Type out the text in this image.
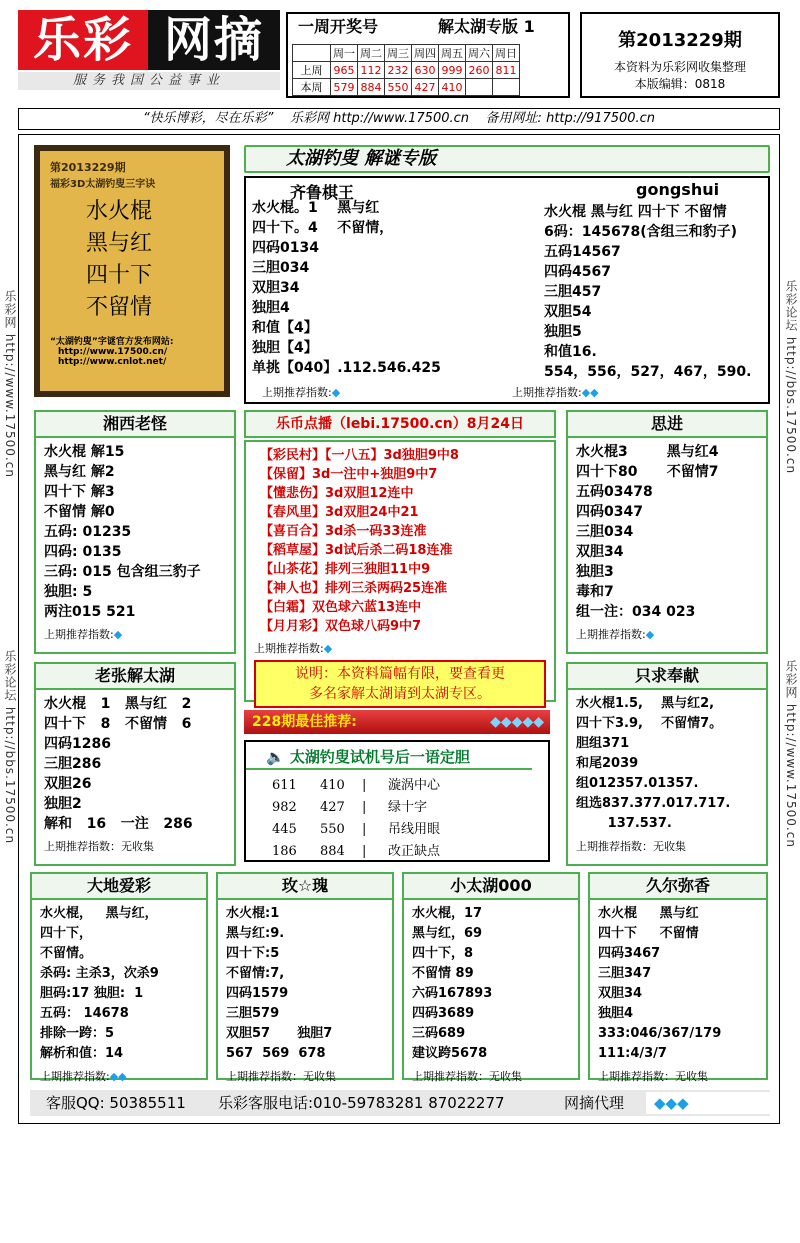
乐彩 网摘
服务我国公益事业
一周开奖号	解太湖专版 1
	周一	周二	周三	周四	周五	周六	周日
上周	965	112	232	630	999	260	811
本周	579	884	550	427	410		
第2013229期
本资料为乐彩网收集整理
本版编辑：0818
“快乐博彩，尽在乐彩” 乐彩网 http://www.17500.cn 备用网址: http://917500.cn
乐彩网 http://www.17500.cn
乐彩论坛 http://bbs.17500.cn
乐彩论坛 http://bbs.17500.cn
乐彩网 http://www.17500.cn
第2013229期
福彩3D太湖钓叟三字诀
水火棍
黑与红
四十下
不留情
“太湖钓叟”字谜官方发布网站:
http://www.17500.cn/
http://www.cnlot.net/
太湖钓叟 解谜专版
齐鲁棋王
水火棍。1    黑与红
四十下。4    不留情，
四码0134
三胆034
双胆34
独胆4
和值【4】
独胆【4】
单挑【040】.112.546.425
gongshui
水火棍 黑与红 四十下 不留情
6码：145678(含组三和豹子)
五码14567
四码4567
三胆457
双胆54
独胆5
和值16.
554，556，527，467，590.
上期推荐指数:◆	上期推荐指数:◆◆
湘西老怪
水火棍 解15
黑与红 解2
四十下 解3
不留情 解0
五码: 01235
四码: 0135
三码: 015 包含组三豹子
独胆: 5
两注015 521
上期推荐指数:◆
乐币点播（lebi.17500.cn）8月24日
【彩民村】【一八五】3d独胆9中8
【保留】3d一注中+独胆9中7
【懂悲伤】3d双胆12连中
【春风里】3d双胆24中21
【喜百合】3d杀一码33连准
【稻草屋】3d试后杀二码18连准
【山茶花】排列三独胆11中9
【神人也】排列三杀两码25连准
【白霜】双色球六蓝13连中
【月月彩】双色球八码9中7
上期推荐指数:◆
说明：本资料篇幅有限，要查看更
多名家解太湖请到太湖专区。
思进
水火棍3        黑与红4
四十下80      不留情7
五码03478
四码0347
三胆034
双胆34
独胆3
毒和7
组一注：034 023
上期推荐指数:◆
老张解太湖
水火棍   1   黑与红   2
四十下   8   不留情   6
四码1286
三胆286
双胆26
独胆2
解和   16   一注   286
上期推荐指数：无收集
228期最佳推荐:	◆◆◆◆◆
🔈 太湖钓叟试机号后一语定胆
611	410	|	漩涡中心
982	427	|	绿十字
445	550	|	吊线用眼
186	884	|	改正缺点
只求奉献
水火棍1.5,    黑与红2,
四十下3.9,    不留情7。
胆组371
和尾2039
组012357.01357.
组选837.377.017.717.
137.537.
上期推荐指数：无收集
大地爱彩
水火棍，   黑与红，
四十下，
不留情。
杀码: 主杀3，次杀9
胆码:17 独胆:  1
五码： 14678
排除一跨：5
解析和值：14
上期推荐指数:◆◆
玫☆瑰
水火棍:1
黑与红:9.
四十下:5
不留情:7,
四码1579
三胆579
双胆57      独胆7
567  569  678
上期推荐指数：无收集
小太湖000
水火棍，17
黑与红，69
四十下，8
不留情 89
六码167893
四码3689
三码689
建议跨5678
上期推荐指数：无收集
久尔弥香
水火棍     黑与红
四十下     不留情
四码3467
三胆347
双胆34
独胆4
333:046/367/179
111:4/3/7
上期推荐指数：无收集
客服QQ: 50385511 乐彩客服电话:010-59783281 87022277	网摘代理	◆◆◆
